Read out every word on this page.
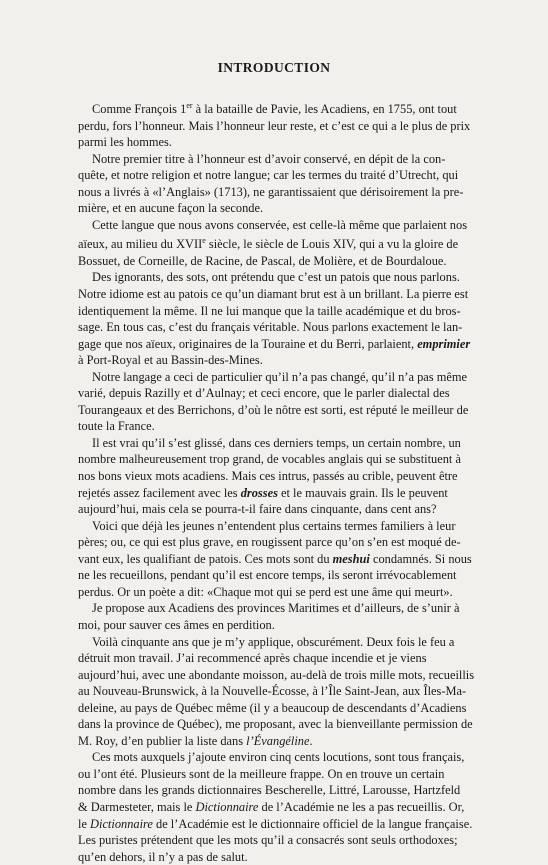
INTRODUCTION
Comme François 1er à la bataille de Pavie, les Acadiens, en 1755, ont tout
perdu, fors l’honneur. Mais l’honneur leur reste, et c’est ce qui a le plus de prix
parmi les hommes.
Notre premier titre à l’honneur est d’avoir conservé, en dépit de la con-
quête, et notre religion et notre langue; car les termes du traité d’Utrecht, qui
nous a livrés à «l’Anglais» (1713), ne garantissaient que dérisoirement la pre-
mière, et en aucune façon la seconde.
Cette langue que nous avons conservée, est celle-là même que parlaient nos
aïeux, au milieu du XVIIe siècle, le siècle de Louis XIV, qui a vu la gloire de
Bossuet, de Corneille, de Racine, de Pascal, de Molière, et de Bourdaloue.
Des ignorants, des sots, ont prétendu que c’est un patois que nous parlons.
Notre idiome est au patois ce qu’un diamant brut est à un brillant. La pierre est
identiquement la même. Il ne lui manque que la taille académique et du bros-
sage. En tous cas, c’est du français véritable. Nous parlons exactement le lan-
gage que nos aïeux, originaires de la Touraine et du Berri, parlaient, emprimier
à Port-Royal et au Bassin-des-Mines.
Notre langage a ceci de particulier qu’il n’a pas changé, qu’il n’a pas même
varié, depuis Razilly et d’Aulnay; et ceci encore, que le parler dialectal des
Tourangeaux et des Berrichons, d’où le nôtre est sorti, est réputé le meilleur de
toute la France.
Il est vrai qu’il s’est glissé, dans ces derniers temps, un certain nombre, un
nombre malheureusement trop grand, de vocables anglais qui se substituent à
nos bons vieux mots acadiens. Mais ces intrus, passés au crible, peuvent être
rejetés assez facilement avec les drosses et le mauvais grain. Ils le peuvent
aujourd’hui, mais cela se pourra-t-il faire dans cinquante, dans cent ans?
Voici que déjà les jeunes n’entendent plus certains termes familiers à leur
pères; ou, ce qui est plus grave, en rougissent parce qu’on s’en est moqué de-
vant eux, les qualifiant de patois. Ces mots sont du meshui condamnés. Si nous
ne les recueillons, pendant qu’il est encore temps, ils seront irrévocablement
perdus. Or un poète a dit: «Chaque mot qui se perd est une âme qui meurt».
Je propose aux Acadiens des provinces Maritimes et d’ailleurs, de s’unir à
moi, pour sauver ces âmes en perdition.
Voilà cinquante ans que je m’y applique, obscurément. Deux fois le feu a
détruit mon travail. J’ai recommencé après chaque incendie et je viens
aujourd’hui, avec une abondante moisson, au-delà de trois mille mots, recueillis
au Nouveau-Brunswick, à la Nouvelle-Écosse, à l’Île Saint-Jean, aux Îles-Ma-
deleine, au pays de Québec même (il y a beaucoup de descendants d’Acadiens
dans la province de Québec), me proposant, avec la bienveillante permission de
M. Roy, d’en publier la liste dans l’Évangéline.
Ces mots auxquels j’ajoute environ cinq cents locutions, sont tous français,
ou l’ont été. Plusieurs sont de la meilleure frappe. On en trouve un certain
nombre dans les grands dictionnaires Bescherelle, Littré, Larousse, Hartzfeld
& Darmesteter, mais le Dictionnaire de l’Académie ne les a pas recueillis. Or,
le Dictionnaire de l’Académie est le dictionnaire officiel de la langue française.
Les puristes prétendent que les mots qu’il a consacrés sont seuls orthodoxes;
qu’en dehors, il n’y a pas de salut.
